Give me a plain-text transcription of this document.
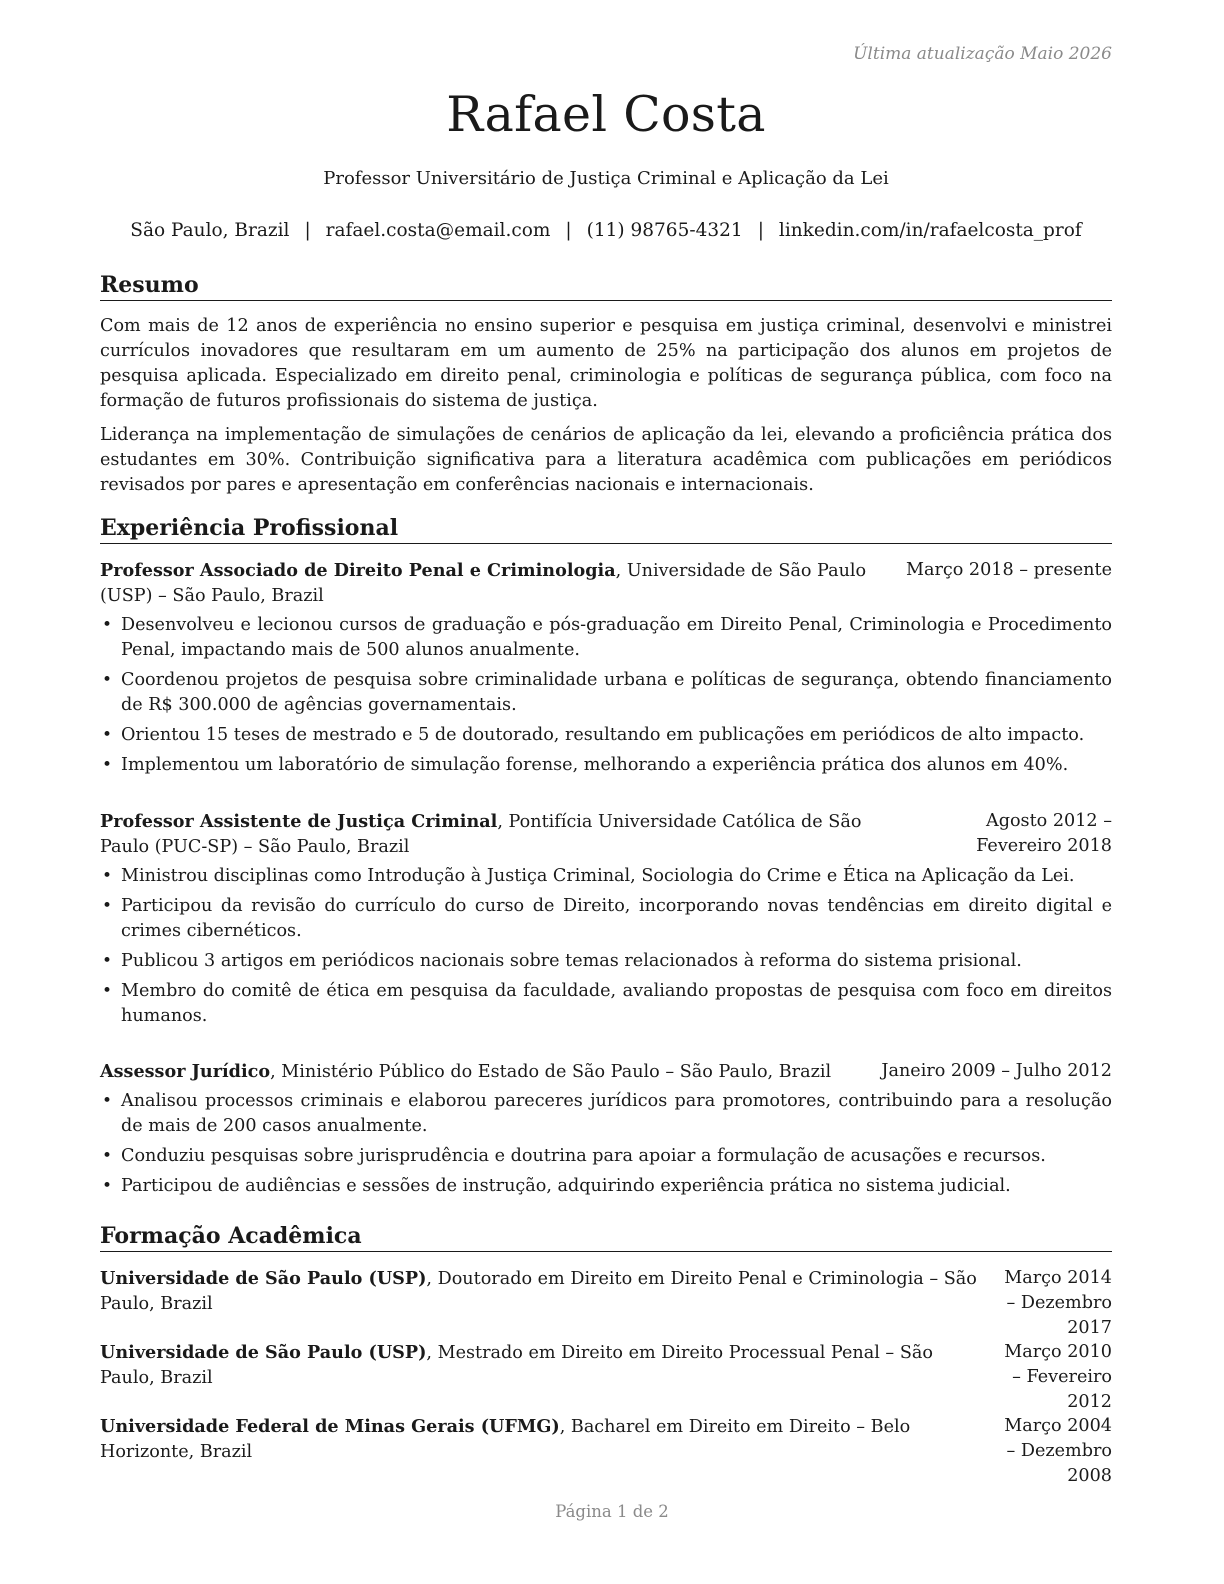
Última atualização Maio 2026
Rafael Costa
Professor Universitário de Justiça Criminal e Aplicação da Lei
São Paulo, Brazil | rafael.costa@email.com | (11) 98765-4321 | linkedin.com/in/rafaelcosta_prof
Resumo

Com mais de 12 anos de experiência no ensino superior e pesquisa em justiça criminal, desenvolvi e ministrei currículos inovadores que resultaram em um aumento de 25% na participação dos alunos em projetos de pesquisa aplicada. Especializado em direito penal, criminologia e políticas de segurança pública, com foco na formação de futuros profissionais do sistema de justiça.

Liderança na implementação de simulações de cenários de aplicação da lei, elevando a proficiência prática dos estudantes em 30%. Contribuição significativa para a literatura acadêmica com publicações em periódicos revisados por pares e apresentação em conferências nacionais e internacionais.

Experiência Profissional
Professor Associado de Direito Penal e Criminologia, Universidade de São Paulo (USP) – São Paulo, Brazil
Março 2018 – presente
• Desenvolveu e lecionou cursos de graduação e pós-graduação em Direito Penal, Criminologia e Procedimento Penal, impactando mais de 500 alunos anualmente.
• Coordenou projetos de pesquisa sobre criminalidade urbana e políticas de segurança, obtendo financiamento de R$ 300.000 de agências governamentais.
• Orientou 15 teses de mestrado e 5 de doutorado, resultando em publicações em periódicos de alto impacto.
• Implementou um laboratório de simulação forense, melhorando a experiência prática dos alunos em 40%.
Professor Assistente de Justiça Criminal, Pontifícia Universidade Católica de São Paulo (PUC-SP) – São Paulo, Brazil
Agosto 2012 – Fevereiro 2018
• Ministrou disciplinas como Introdução à Justiça Criminal, Sociologia do Crime e Ética na Aplicação da Lei.
• Participou da revisão do currículo do curso de Direito, incorporando novas tendências em direito digital e crimes cibernéticos.
• Publicou 3 artigos em periódicos nacionais sobre temas relacionados à reforma do sistema prisional.
• Membro do comitê de ética em pesquisa da faculdade, avaliando propostas de pesquisa com foco em direitos humanos.
Assessor Jurídico, Ministério Público do Estado de São Paulo – São Paulo, Brazil	Janeiro 2009 – Julho 2012
• Analisou processos criminais e elaborou pareceres jurídicos para promotores, contribuindo para a resolução de mais de 200 casos anualmente.
• Conduziu pesquisas sobre jurisprudência e doutrina para apoiar a formulação de acusações e recursos.
• Participou de audiências e sessões de instrução, adquirindo experiência prática no sistema judicial.
Formação Acadêmica
Universidade de São Paulo (USP), Doutorado em Direito em Direito Penal e Criminologia – São Paulo, Brazil
Março 2014 – Dezembro 2017
Universidade de São Paulo (USP), Mestrado em Direito em Direito Processual Penal – São Paulo, Brazil
Março 2010 – Fevereiro 2012
Universidade Federal de Minas Gerais (UFMG), Bacharel em Direito em Direito – Belo Horizonte, Brazil
Março 2004 – Dezembro 2008
Página 1 de 2
